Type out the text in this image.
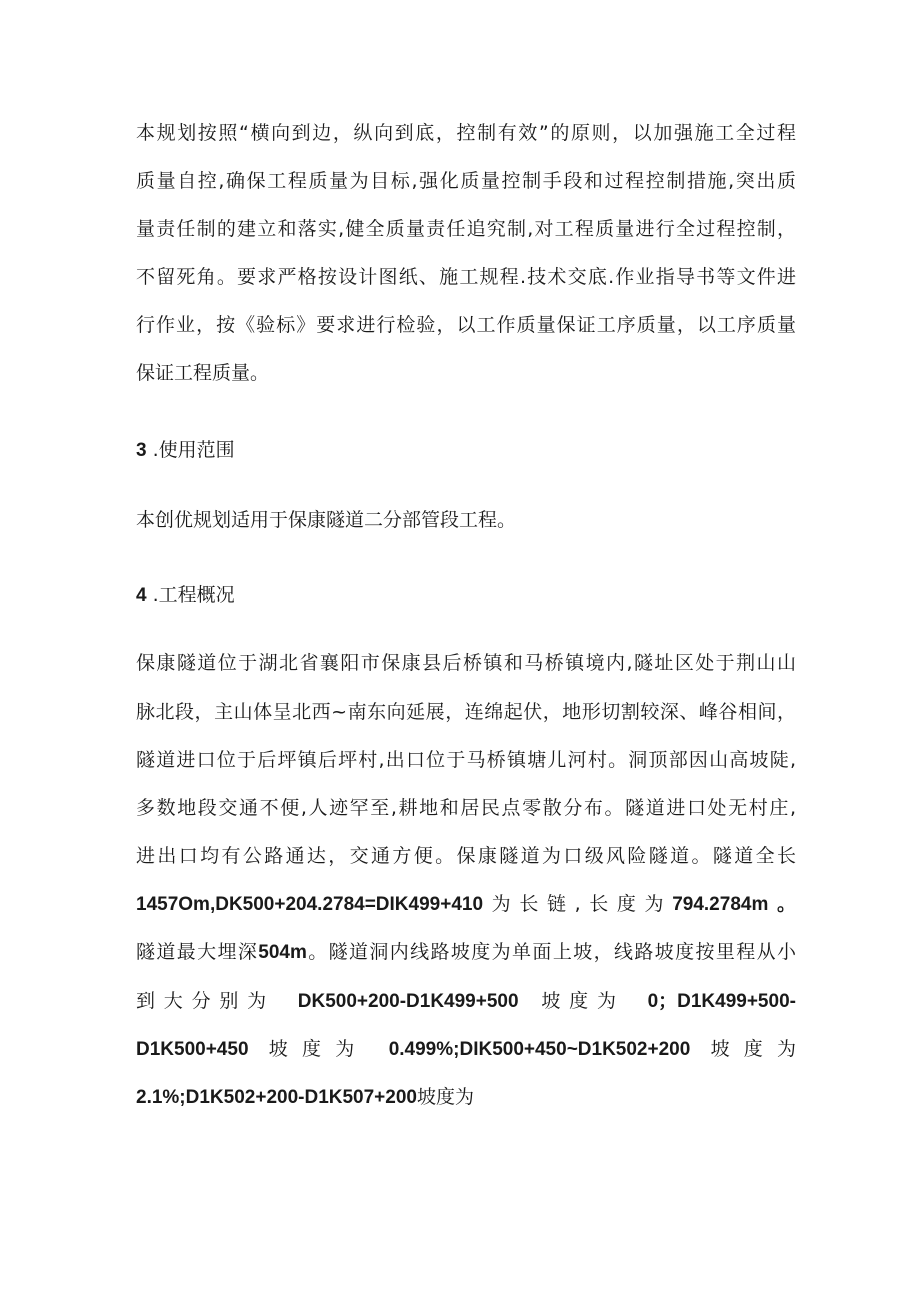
本规划按照“横向到边，纵向到底，控制有效”的原则，以加强施工全过程
质量自控,确保工程质量为目标,强化质量控制手段和过程控制措施,突出质
量责任制的建立和落实,健全质量责任追究制,对工程质量进行全过程控制，
不留死角。要求严格按设计图纸、施工规程.技术交底.作业指导书等文件进
行作业，按《验标》要求进行检验，以工作质量保证工序质量，以工序质量
保证工程质量。
3 .使用范围
本创优规划适用于保康隧道二分部管段工程。
4 .工程概况
保康隧道位于湖北省襄阳市保康县后桥镇和马桥镇境内,隧址区处于荆山山
脉北段，主山体呈北西~南东向延展，连绵起伏，地形切割较深、峰谷相间，
隧道进口位于后坪镇后坪村,出口位于马桥镇塘儿河村。洞顶部因山高坡陡,
多数地段交通不便,人迹罕至,耕地和居民点零散分布。隧道进口处无村庄,
进出口均有公路通达，交通方便。保康隧道为口级风险隧道。隧道全长
1457Om,DK500+204.2784=DIK499+410为长链,长度为794.2784m。
隧道最大埋深504m。隧道洞内线路坡度为单面上坡，线路坡度按里程从小
到大分别为 DK500+200-D1K499+500 坡度为 0；D1K499+500-
D1K500+450 坡度为 0.499%;DIK500+450~D1K502+200 坡度为
2.1%;D1K502+200-D1K507+200坡度为
